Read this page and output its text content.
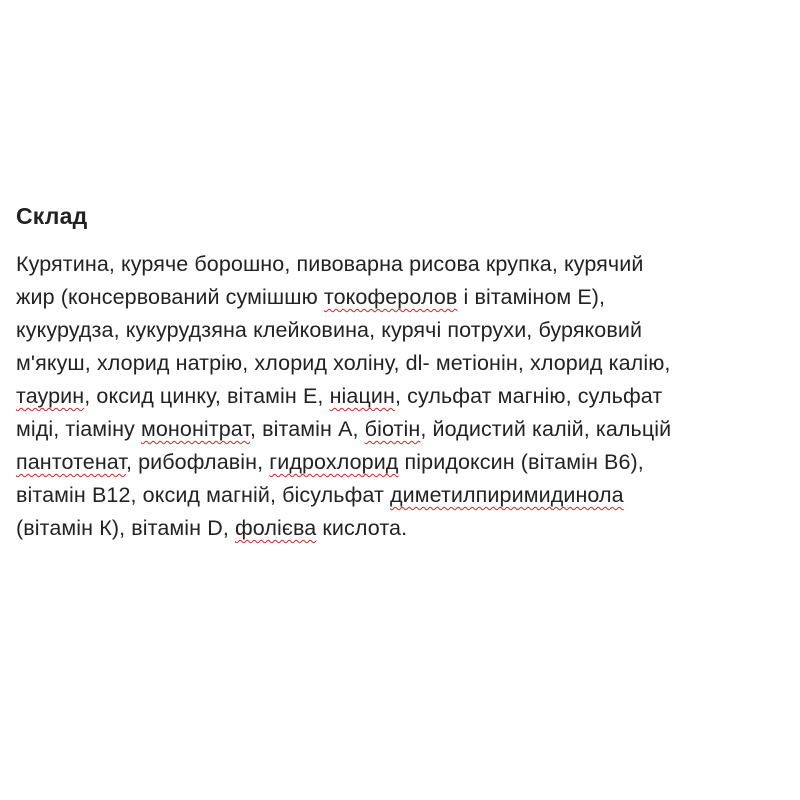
Склад
Курятина, куряче борошно, пивоварна рисова крупка, курячий
жир (консервований сумішшю токоферолов і вітаміном Е),
кукурудза, кукурудзяна клейковина, курячі потрухи, буряковий
м'якуш, хлорид натрію, хлорид холіну, dl- метіонін, хлорид калію,
таурин, оксид цинку, вітамін Е, ніацин, сульфат магнію, сульфат
міді, тіаміну мононітрат, вітамін А, біотін, йодистий калій, кальцій
пантотенат, рибофлавін, гидрохлорид піридоксин (вітамін В6),
вітамін В12, оксид магній, бісульфат диметилпиримидинола
(вітамін К), вітамін D, фолієва кислота.
